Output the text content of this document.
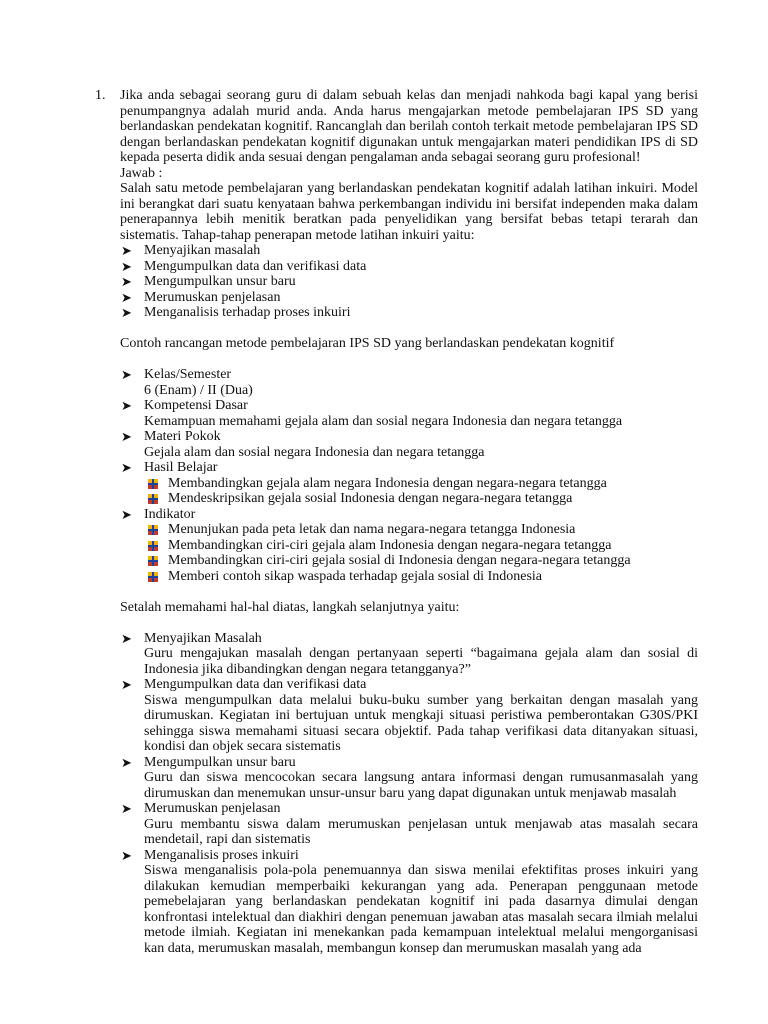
1. Jika anda sebagai seorang guru di dalam sebuah kelas dan menjadi nahkoda bagi kapal yang berisi penumpangnya adalah murid anda. Anda harus mengajarkan metode pembelajaran IPS SD yang berlandaskan pendekatan kognitif. Rancanglah dan berilah contoh terkait metode pembelajaran IPS SD dengan berlandaskan pendekatan kognitif digunakan untuk mengajarkan materi pendidikan IPS di SD kepada peserta didik anda sesuai dengan pengalaman anda sebagai seorang guru profesional!

Jawab :

Salah satu metode pembelajaran yang berlandaskan pendekatan kognitif adalah latihan inkuiri. Model ini berangkat dari suatu kenyataan bahwa perkembangan individu ini bersifat independen maka dalam penerapannya lebih menitik beratkan pada penyelidikan yang bersifat bebas tetapi terarah dan sistematis. Tahap-tahap penerapan metode latihan inkuiri yaitu:

➤ Menyajikan masalah
➤ Mengumpulkan data dan verifikasi data
➤ Mengumpulkan unsur baru
➤ Merumuskan penjelasan
➤ Menganalisis terhadap proses inkuiri

Contoh rancangan metode pembelajaran IPS SD yang berlandaskan pendekatan kognitif

➤ Kelas/Semester

6 (Enam) / II (Dua)

➤ Kompetensi Dasar

Kemampuan memahami gejala alam dan sosial negara Indonesia dan negara tetangga

➤ Materi Pokok

Gejala alam dan sosial negara Indonesia dan negara tetangga

➤ Hasil Belajar

Membandingkan gejala alam negara Indonesia dengan negara-negara tetangga
Mendeskripsikan gejala sosial Indonesia dengan negara-negara tetangga
➤ Indikator

Menunjukan pada peta letak dan nama negara-negara tetangga Indonesia
Membandingkan ciri-ciri gejala alam Indonesia dengan negara-negara tetangga
Membandingkan ciri-ciri gejala sosial di Indonesia dengan negara-negara tetangga
Memberi contoh sikap waspada terhadap gejala sosial di Indonesia

Setalah memahami hal-hal diatas, langkah selanjutnya yaitu:

➤ Menyajikan Masalah

Guru mengajukan masalah dengan pertanyaan seperti “bagaimana gejala alam dan sosial di Indonesia jika dibandingkan dengan negara tetangganya?”

➤ Mengumpulkan data dan verifikasi data

Siswa mengumpulkan data melalui buku-buku sumber yang berkaitan dengan masalah yang dirumuskan. Kegiatan ini bertujuan untuk mengkaji situasi peristiwa pemberontakan G30S/PKI sehingga siswa memahami situasi secara objektif. Pada tahap verifikasi data ditanyakan situasi, kondisi dan objek secara sistematis

➤ Mengumpulkan unsur baru

Guru dan siswa mencocokan secara langsung antara informasi dengan rumusanmasalah yang dirumuskan dan menemukan unsur-unsur baru yang dapat digunakan untuk menjawab masalah

➤ Merumuskan penjelasan

Guru membantu siswa dalam merumuskan penjelasan untuk menjawab atas masalah secara mendetail, rapi dan sistematis

➤ Menganalisis proses inkuiri

Siswa menganalisis pola-pola penemuannya dan siswa menilai efektifitas proses inkuiri yang dilakukan kemudian memperbaiki kekurangan yang ada. Penerapan penggunaan metode pemebelajaran yang berlandaskan pendekatan kognitif ini pada dasarnya dimulai dengan konfrontasi intelektual dan diakhiri dengan penemuan jawaban atas masalah secara ilmiah melalui metode ilmiah. Kegiatan ini menekankan pada kemampuan intelektual melalui mengorganisasi kan data, merumuskan masalah, membangun konsep dan merumuskan masalah yang ada
